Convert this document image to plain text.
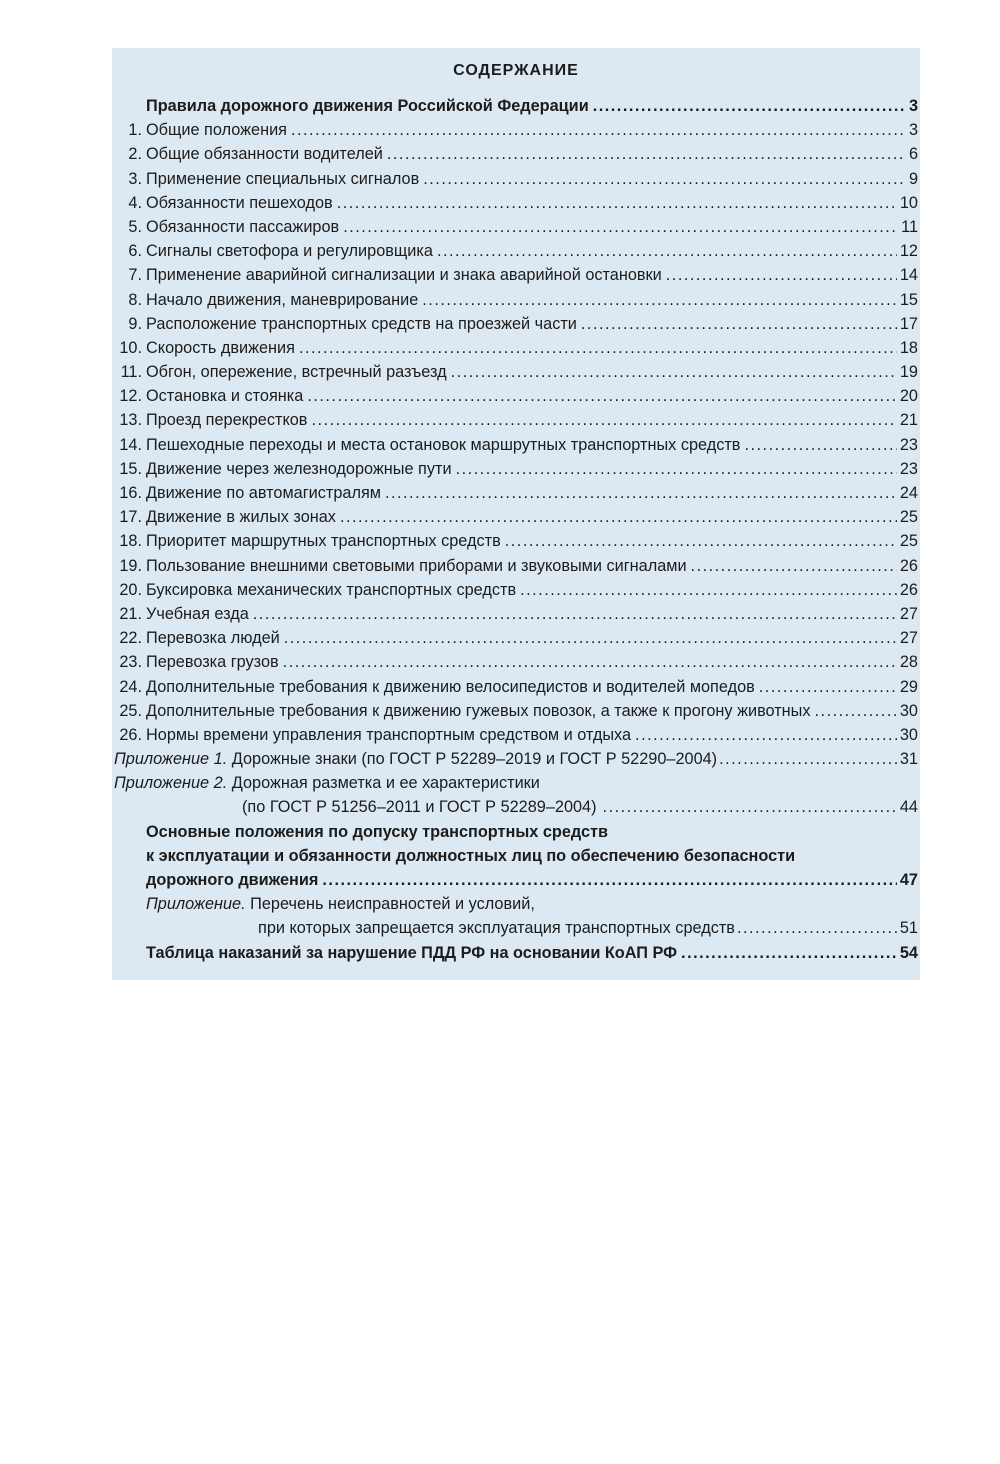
СОДЕРЖАНИЕ
Правила дорожного движения Российской Федерации .....	3
1. Общие положения .....	3
2. Общие обязанности водителей .....	6
3. Применение специальных сигналов .....	9
4. Обязанности пешеходов .....	10
5. Обязанности пассажиров .....	11
6. Сигналы светофора и регулировщика .....	12
7. Применение аварийной сигнализации и знака аварийной остановки .....	14
8. Начало движения, маневрирование .....	15
9. Расположение транспортных средств на проезжей части .....	17
10. Скорость движения .....	18
11. Обгон, опережение, встречный разъезд .....	19
12. Остановка и стоянка .....	20
13. Проезд перекрестков .....	21
14. Пешеходные переходы и места остановок маршрутных транспортных средств .....	23
15. Движение через железнодорожные пути .....	23
16. Движение по автомагистралям .....	24
17. Движение в жилых зонах .....	25
18. Приоритет маршрутных транспортных средств .....	25
19. Пользование внешними световыми приборами и звуковыми сигналами .....	26
20. Буксировка механических транспортных средств .....	26
21. Учебная езда .....	27
22. Перевозка людей .....	27
23. Перевозка грузов .....	28
24. Дополнительные требования к движению велосипедистов и водителей мопедов .....	29
25. Дополнительные требования к движению гужевых повозок, а также к прогону животных .....	30
26. Нормы времени управления транспортным средством и отдыха .....	30
Приложение 1. Дорожные знаки (по ГОСТ Р 52289–2019 и ГОСТ Р 52290–2004) .....	31
Приложение 2. Дорожная разметка и ее характеристики
(по ГОСТ Р 51256–2011 и ГОСТ Р 52289–2004) .....	44
Основные положения по допуску транспортных средств
к эксплуатации и обязанности должностных лиц по обеспечению безопасности
дорожного движения .....	47
Приложение. Перечень неисправностей и условий,
при которых запрещается эксплуатация транспортных средств .....	51
Таблица наказаний за нарушение ПДД РФ на основании КоАП РФ .....	54
